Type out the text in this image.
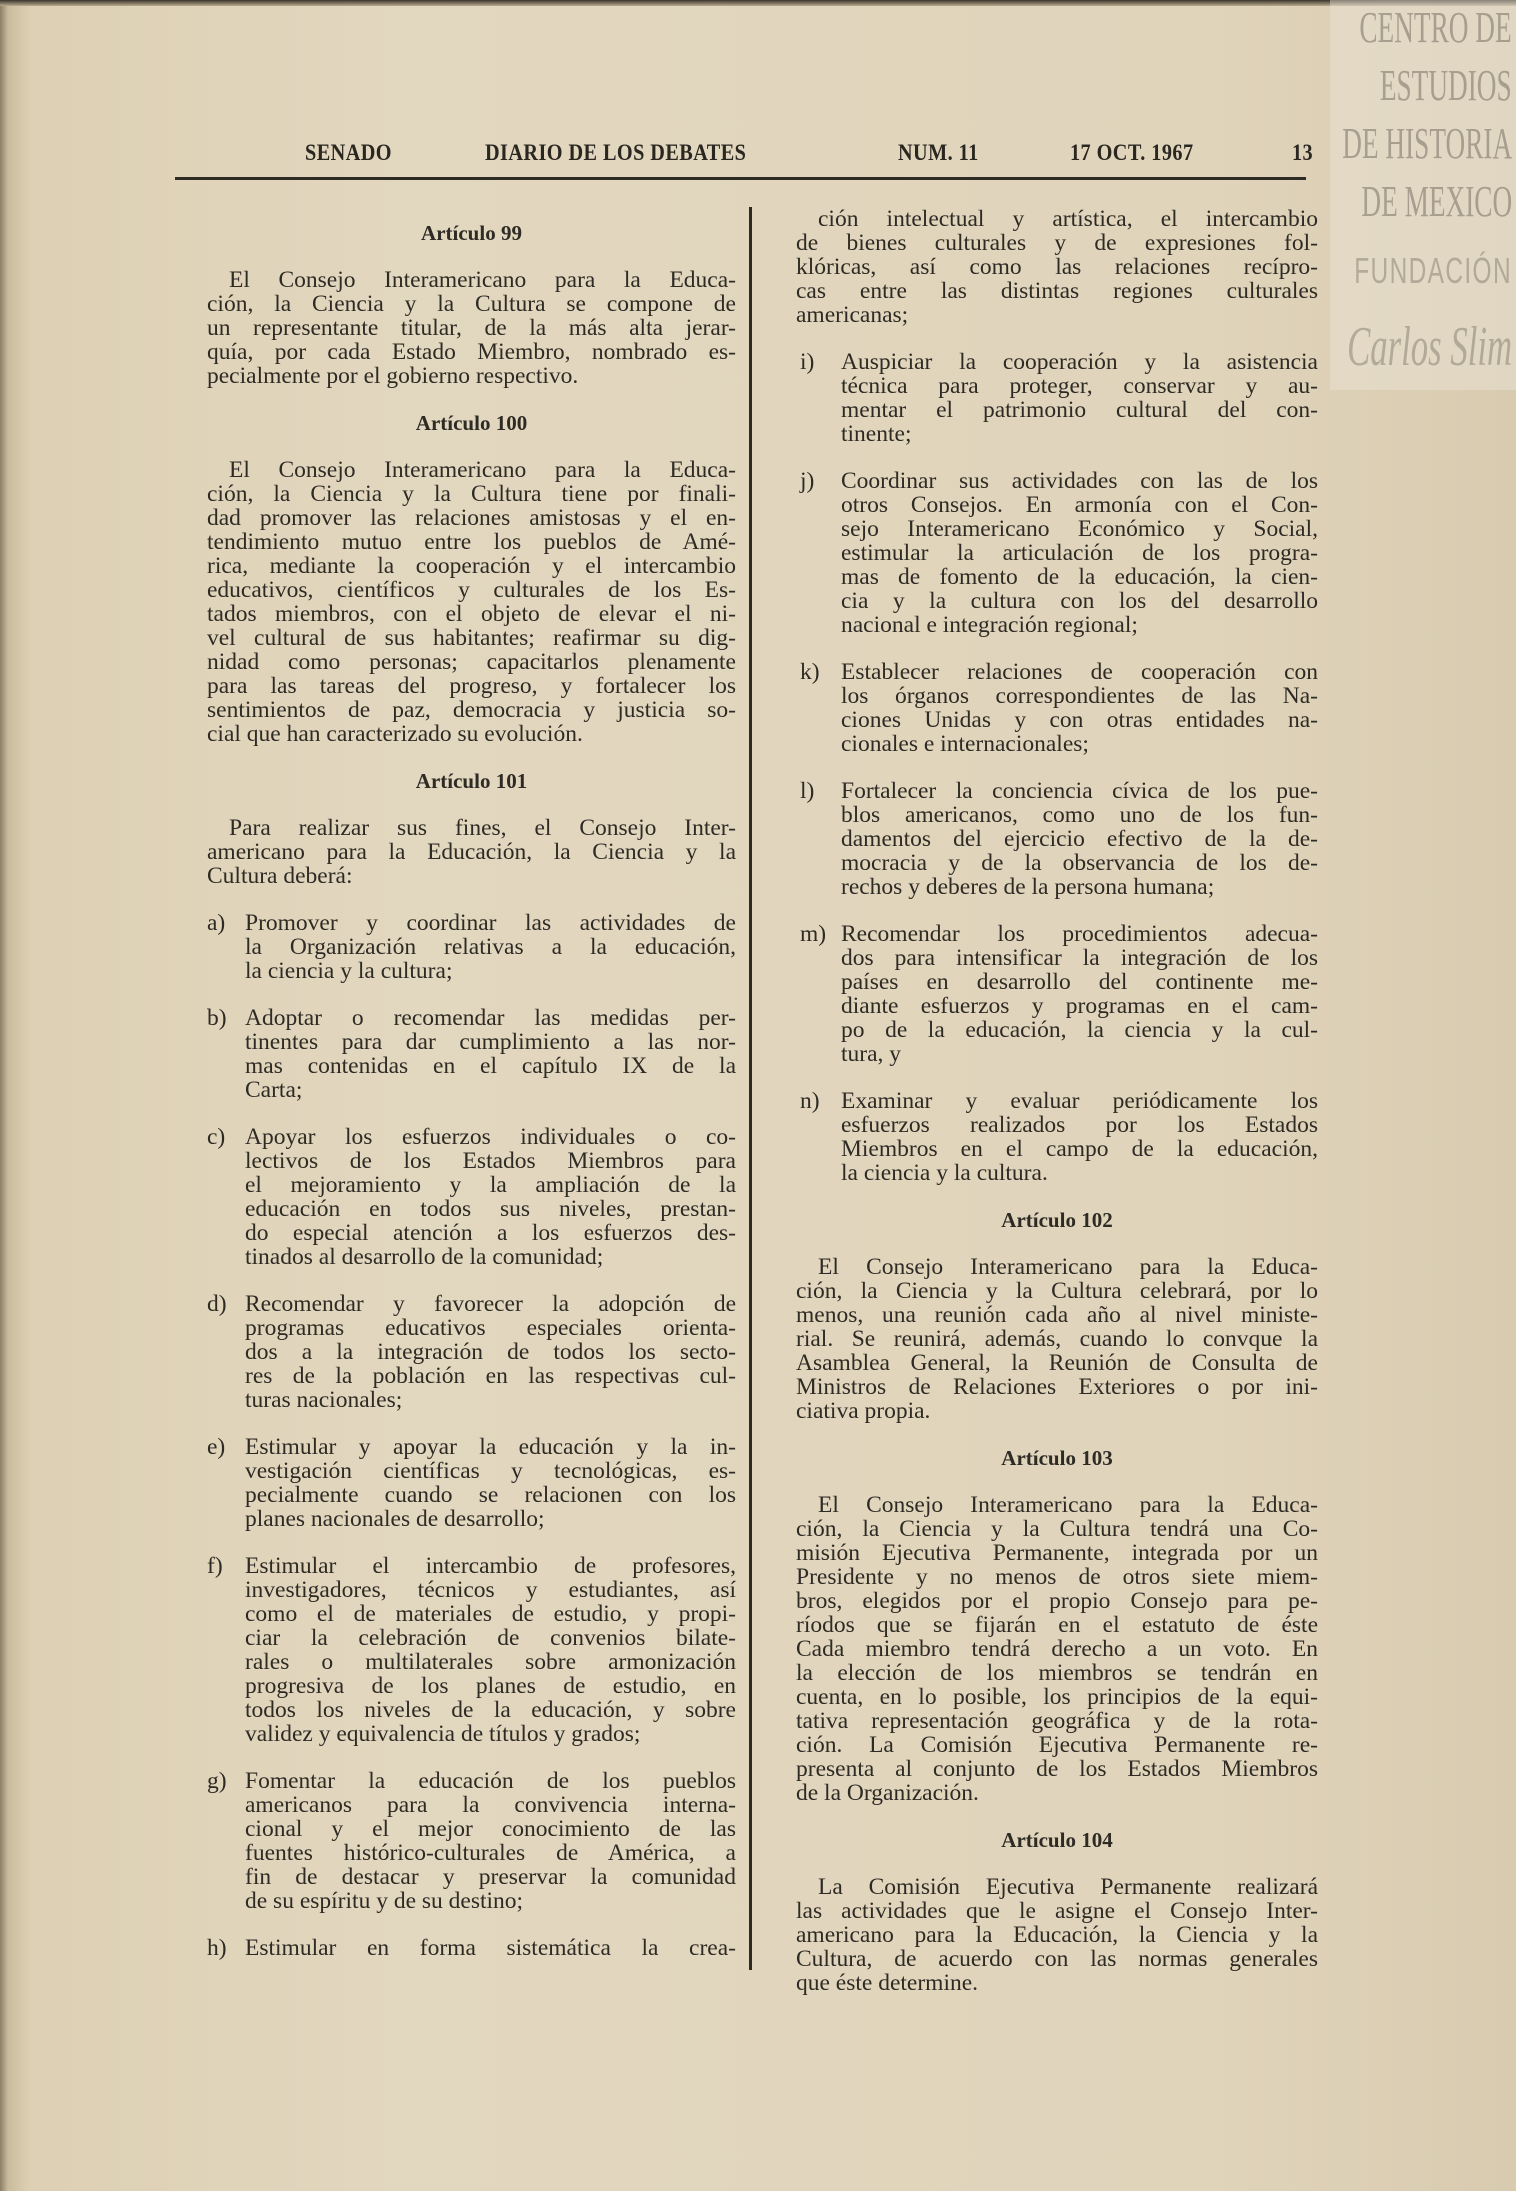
CENTRO DE
ESTUDIOS
DE HISTORIA
DE MEXICO
FUNDACIÓN
Carlos Slim
SENADO	DIARIO DE LOS DEBATES	NUM. 11	17 OCT. 1967	13
Artículo 99
El Consejo Interamericano para la Educa-
ción, la Ciencia y la Cultura se compone de
un representante titular, de la más alta jerar-
quía, por cada Estado Miembro, nombrado es-
pecialmente por el gobierno respectivo.
Artículo 100
El Consejo Interamericano para la Educa-
ción, la Ciencia y la Cultura tiene por finali-
dad promover las relaciones amistosas y el en-
tendimiento mutuo entre los pueblos de Amé-
rica, mediante la cooperación y el intercambio
educativos, científicos y culturales de los Es-
tados miembros, con el objeto de elevar el ni-
vel cultural de sus habitantes; reafirmar su dig-
nidad como personas; capacitarlos plenamente
para las tareas del progreso, y fortalecer los
sentimientos de paz, democracia y justicia so-
cial que han caracterizado su evolución.
Artículo 101
Para realizar sus fines, el Consejo Inter-
americano para la Educación, la Ciencia y la
Cultura deberá:
a) Promover y coordinar las actividades de
la Organización relativas a la educación,
la ciencia y la cultura;
b) Adoptar o recomendar las medidas per-
tinentes para dar cumplimiento a las nor-
mas contenidas en el capítulo IX de la
Carta;
c) Apoyar los esfuerzos individuales o co-
lectivos de los Estados Miembros para
el mejoramiento y la ampliación de la
educación en todos sus niveles, prestan-
do especial atención a los esfuerzos des-
tinados al desarrollo de la comunidad;
d) Recomendar y favorecer la adopción de
programas educativos especiales orienta-
dos a la integración de todos los secto-
res de la población en las respectivas cul-
turas nacionales;
e) Estimular y apoyar la educación y la in-
vestigación científicas y tecnológicas, es-
pecialmente cuando se relacionen con los
planes nacionales de desarrollo;
f) Estimular el intercambio de profesores,
investigadores, técnicos y estudiantes, así
como el de materiales de estudio, y propi-
ciar la celebración de convenios bilate-
rales o multilaterales sobre armonización
progresiva de los planes de estudio, en
todos los niveles de la educación, y sobre
validez y equivalencia de títulos y grados;
g) Fomentar la educación de los pueblos
americanos para la convivencia interna-
cional y el mejor conocimiento de las
fuentes histórico-culturales de América, a
fin de destacar y preservar la comunidad
de su espíritu y de su destino;
h) Estimular en forma sistemática la crea-
ción intelectual y artística, el intercambio
de bienes culturales y de expresiones fol-
klóricas, así como las relaciones recípro-
cas entre las distintas regiones culturales
americanas;
i) Auspiciar la cooperación y la asistencia
técnica para proteger, conservar y au-
mentar el patrimonio cultural del con-
tinente;
j) Coordinar sus actividades con las de los
otros Consejos. En armonía con el Con-
sejo Interamericano Económico y Social,
estimular la articulación de los progra-
mas de fomento de la educación, la cien-
cia y la cultura con los del desarrollo
nacional e integración regional;
k) Establecer relaciones de cooperación con
los órganos correspondientes de las Na-
ciones Unidas y con otras entidades na-
cionales e internacionales;
l) Fortalecer la conciencia cívica de los pue-
blos americanos, como uno de los fun-
damentos del ejercicio efectivo de la de-
mocracia y de la observancia de los de-
rechos y deberes de la persona humana;
m) Recomendar los procedimientos adecua-
dos para intensificar la integración de los
países en desarrollo del continente me-
diante esfuerzos y programas en el cam-
po de la educación, la ciencia y la cul-
tura, y
n) Examinar y evaluar periódicamente los
esfuerzos realizados por los Estados
Miembros en el campo de la educación,
la ciencia y la cultura.
Artículo 102
El Consejo Interamericano para la Educa-
ción, la Ciencia y la Cultura celebrará, por lo
menos, una reunión cada año al nivel ministe-
rial. Se reunirá, además, cuando lo convque la
Asamblea General, la Reunión de Consulta de
Ministros de Relaciones Exteriores o por ini-
ciativa propia.
Artículo 103
El Consejo Interamericano para la Educa-
ción, la Ciencia y la Cultura tendrá una Co-
misión Ejecutiva Permanente, integrada por un
Presidente y no menos de otros siete miem-
bros, elegidos por el propio Consejo para pe-
ríodos que se fijarán en el estatuto de éste
Cada miembro tendrá derecho a un voto. En
la elección de los miembros se tendrán en
cuenta, en lo posible, los principios de la equi-
tativa representación geográfica y de la rota-
ción. La Comisión Ejecutiva Permanente re-
presenta al conjunto de los Estados Miembros
de la Organización.
Artículo 104
La Comisión Ejecutiva Permanente realizará
las actividades que le asigne el Consejo Inter-
americano para la Educación, la Ciencia y la
Cultura, de acuerdo con las normas generales
que éste determine.
